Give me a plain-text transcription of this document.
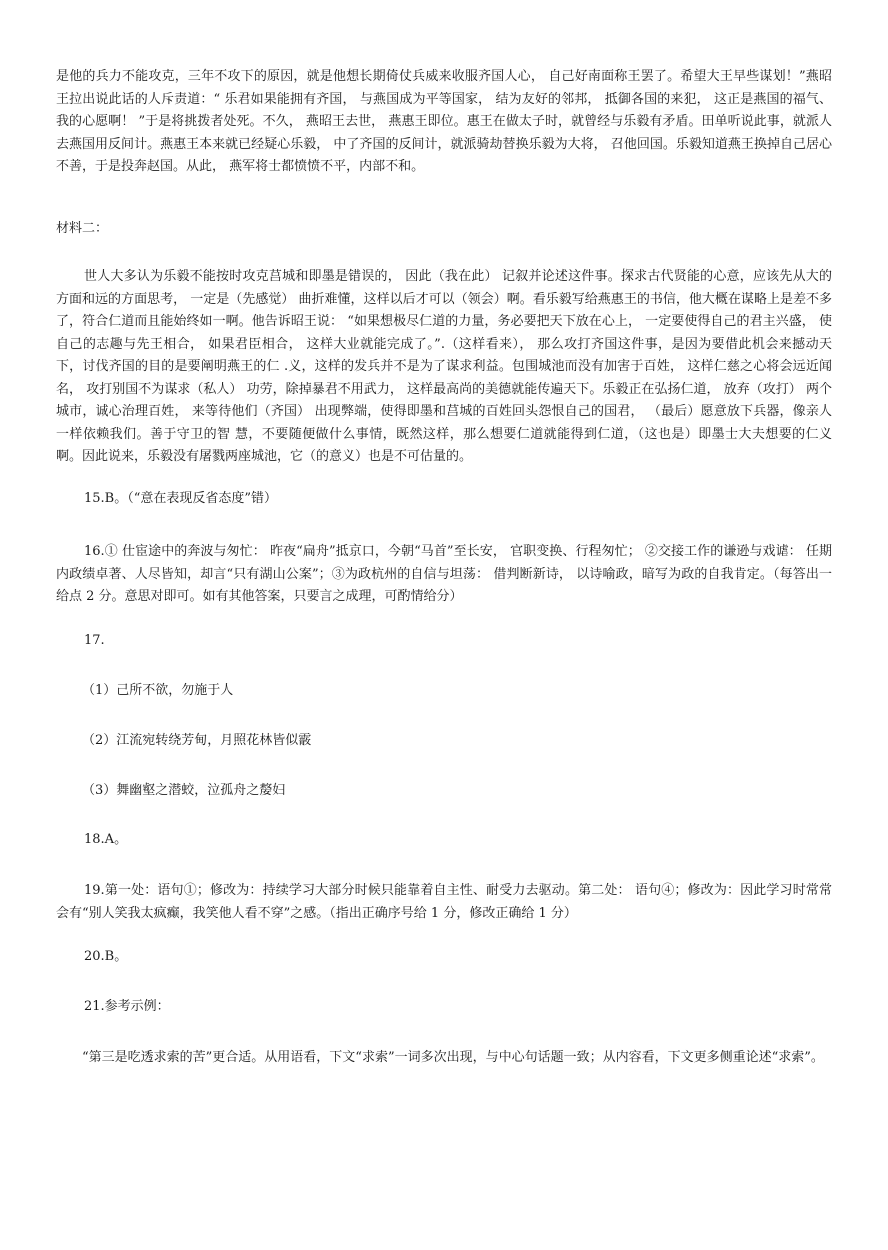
是他的兵力不能攻克，三年不攻下的原因，就是他想长期倚仗兵威来收服齐国人心， 自己好南面称王罢了。希望大王早些谋划！”燕昭王拉出说此话的人斥责道：“ 乐君如果能拥有齐国， 与燕国成为平等国家， 结为友好的邻邦， 抵御各国的来犯， 这正是燕国的福气、我的心愿啊！ ”于是将挑拨者处死。不久， 燕昭王去世， 燕惠王即位。惠王在做太子时，就曾经与乐毅有矛盾。田单听说此事，就派人去燕国用反间计。燕惠王本来就已经疑心乐毅， 中了齐国的反间计，就派骑劫替换乐毅为大将， 召他回国。乐毅知道燕王换掉自己居心不善，于是投奔赵国。从此， 燕军将士都愤愤不平，内部不和。
材料二：
世人大多认为乐毅不能按时攻克莒城和即墨是错误的， 因此（我在此） 记叙并论述这件事。探求古代贤能的心意，应该先从大的方面和远的方面思考， 一定是（先感觉） 曲折难懂，这样以后才可以（领会）啊。看乐毅写给燕惠王的书信，他大概在谋略上是差不多了，符合仁道而且能始终如一啊。他告诉昭王说： “如果想极尽仁道的力量，务必要把天下放在心上， 一定要使得自己的君主兴盛， 使自己的志趣与先王相合， 如果君臣相合， 这样大业就能完成了。”.（这样看来）， 那么攻打齐国这件事，是因为要借此机会来撼动天下，讨伐齐国的目的是要阐明燕王的仁 .义，这样的发兵并不是为了谋求利益。包围城池而没有加害于百姓， 这样仁慈之心将会远近闻名， 攻打别国不为谋求（私人） 功劳，除掉暴君不用武力， 这样最高尚的美德就能传遍天下。乐毅正在弘扬仁道， 放弃（攻打） 两个城市，诚心治理百姓， 来等待他们（齐国） 出现弊端，使得即墨和莒城的百姓回头怨恨自己的国君， （最后）愿意放下兵器，像亲人一样依赖我们。善于守卫的智 慧，不要随便做什么事情，既然这样，那么想要仁道就能得到仁道，（这也是）即墨士大夫想要的仁义啊。因此说来，乐毅没有屠戮两座城池，它（的意义）也是不可估量的。
15.B。（“意在表现反省态度”错）
16.① 仕宦途中的奔波与匆忙： 昨夜“扁舟”抵京口，今朝“马首”至长安， 官职变换、行程匆忙； ②交接工作的谦逊与戏谑： 任期内政绩卓著、人尽皆知，却言“只有湖山公案”；③为政杭州的自信与坦荡： 借判断新诗， 以诗喻政，暗写为政的自我肯定。（每答出一给点 2 分。意思对即可。如有其他答案，只要言之成理，可酌情给分）
17.
（1）己所不欲，勿施于人
（2）江流宛转绕芳甸，月照花林皆似霰
（3）舞幽壑之潜蛟，泣孤舟之嫠妇
18.A。
19.第一处：语句①；修改为：持续学习大部分时候只能靠着自主性、耐受力去驱动。第二处： 语句④；修改为：因此学习时常常会有“别人笑我太疯癫，我笑他人看不穿”之感。（指出正确序号给 1 分，修改正确给 1 分）
20.B。
21.参考示例：
“第三是吃透求索的苦”更合适。从用语看，下文“求索”一词多次出现，与中心句话题一致；从内容看，下文更多侧重论述“求索”。
